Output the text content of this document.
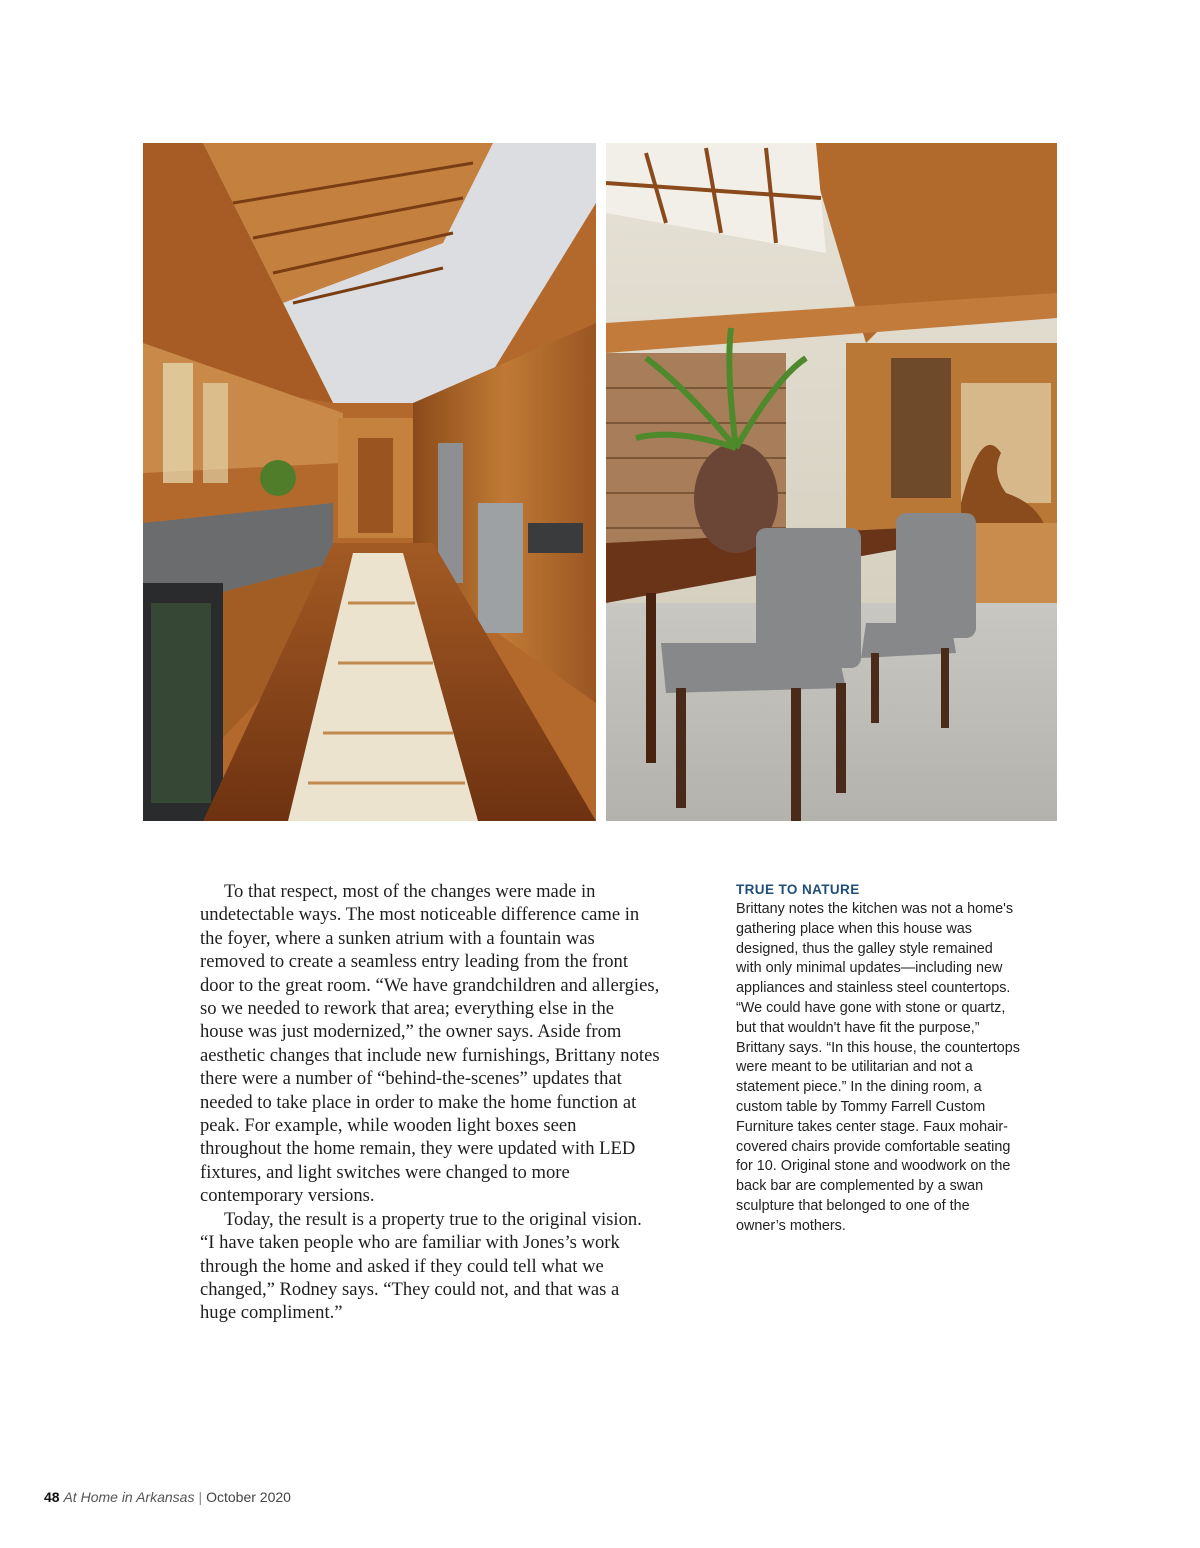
To that respect, most of the changes were made in undetectable ways. The most noticeable difference came in the foyer, where a sunken atrium with a fountain was removed to create a seamless entry leading from the front door to the great room. “We have grandchildren and allergies, so we needed to rework that area; everything else in the house was just modernized,” the owner says. Aside from aesthetic changes that include new furnishings, Brittany notes there were a number of “behind-the-scenes” updates that needed to take place in order to make the home function at peak. For example, while wooden light boxes seen throughout the home remain, they were updated with LED fixtures, and light switches were changed to more contemporary versions.

Today, the result is a property true to the original vision. “I have taken people who are familiar with Jones’s work through the home and asked if they could tell what we changed,” Rodney says. “They could not, and that was a huge compliment.”

TRUE TO NATURE

Brittany notes the kitchen was not a home's gathering place when this house was designed, thus the galley style remained with only minimal updates—including new appliances and stainless steel countertops. “We could have gone with stone or quartz, but that wouldn't have fit the purpose,” Brittany says. “In this house, the countertops were meant to be utilitarian and not a statement piece.” In the dining room, a custom table by Tommy Farrell Custom Furniture takes center stage. Faux mohair-covered chairs provide comfortable seating for 10. Original stone and woodwork on the back bar are complemented by a swan sculpture that belonged to one of the owner’s mothers.

48 At Home in Arkansas | October 2020
